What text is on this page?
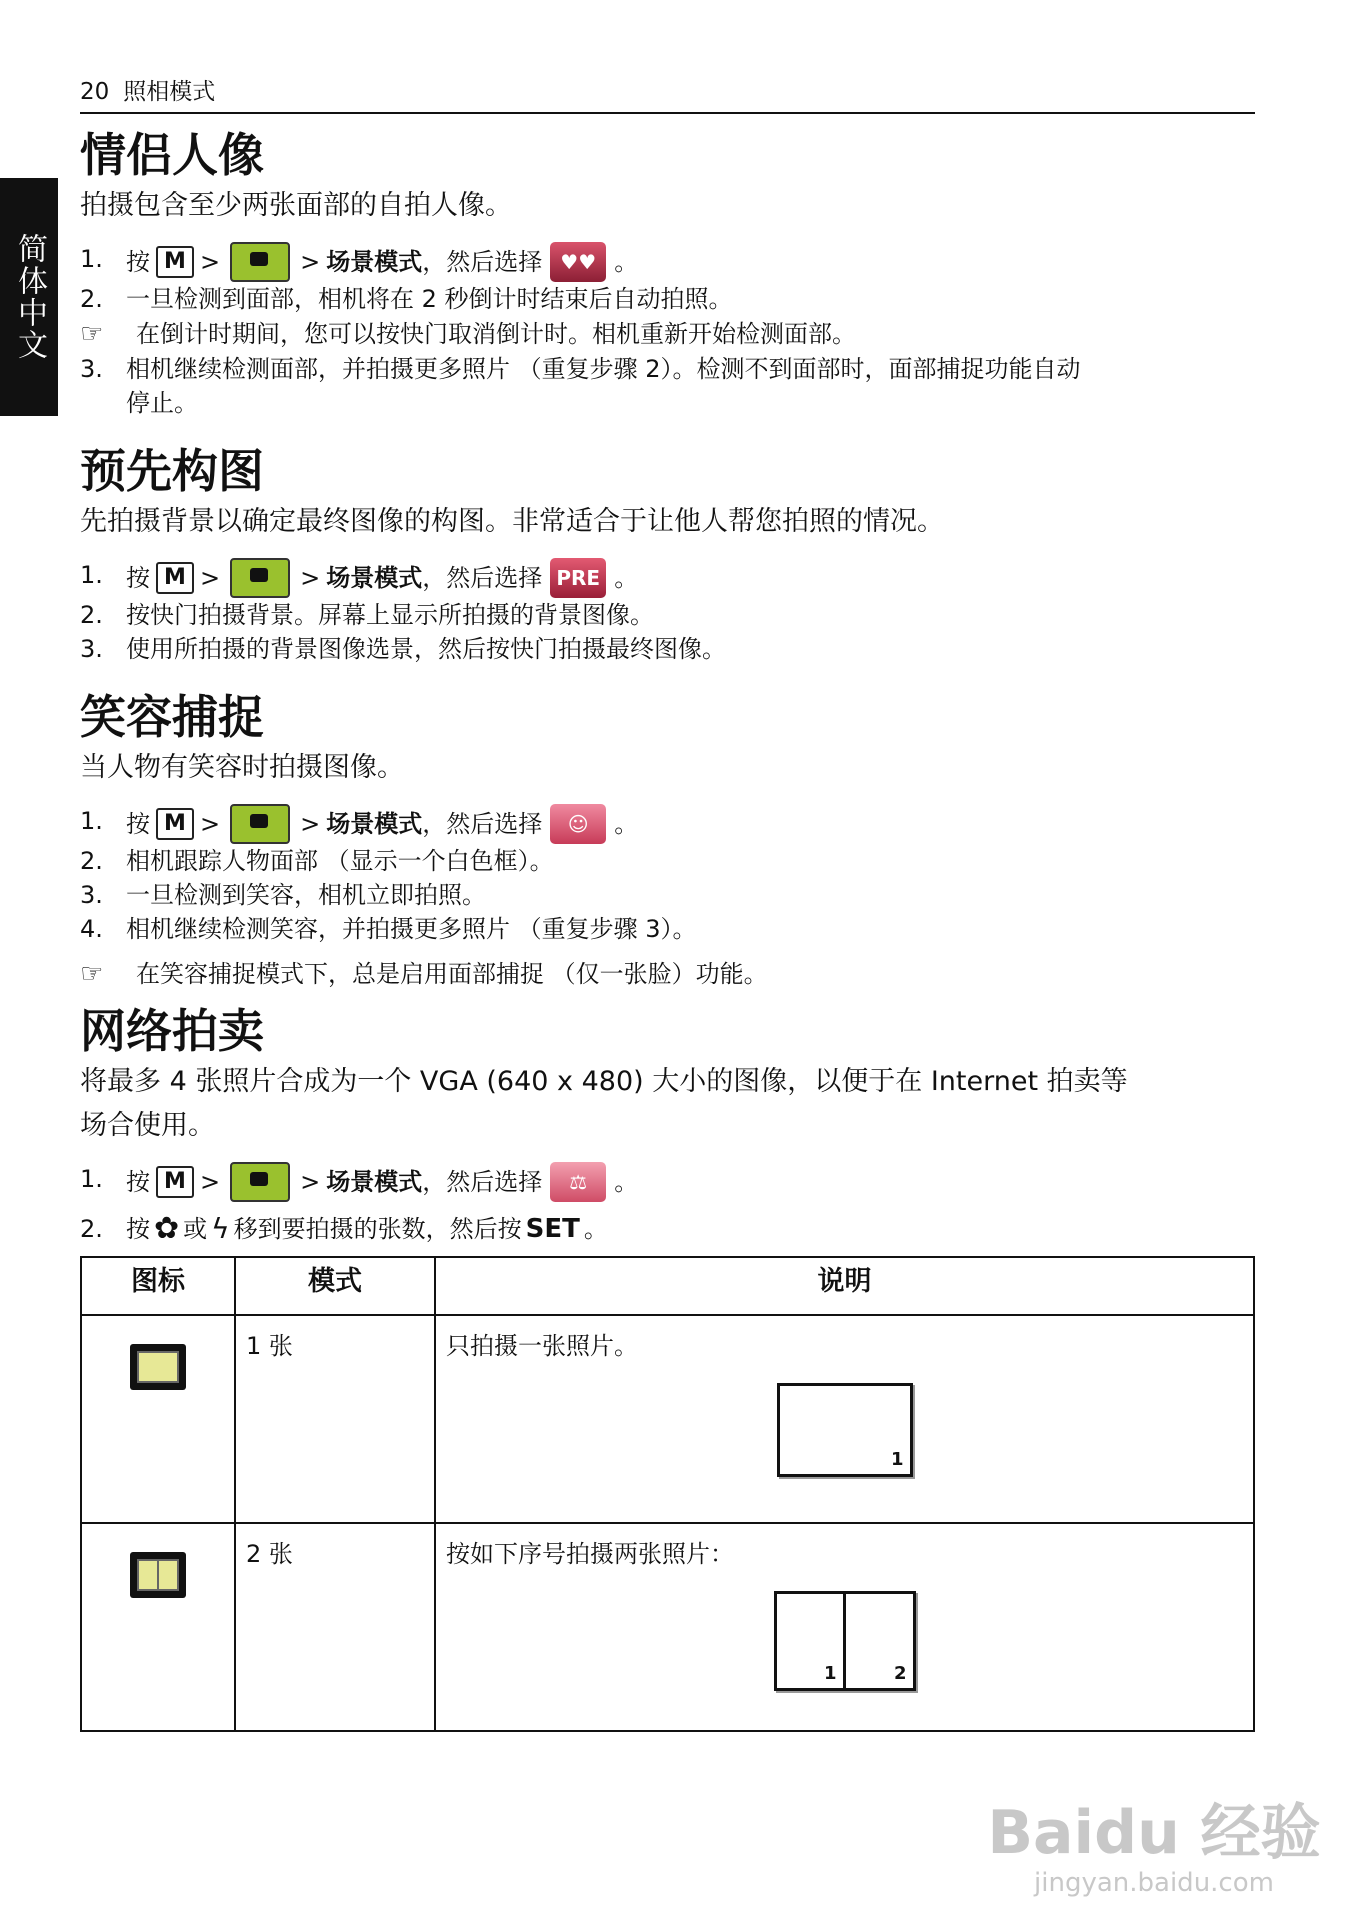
简体中文
20 照相模式
情侣人像

拍摄包含至少两张面部的自拍人像。

1. 按 M >	> 场景模式 ，然后选择 ♥♥ 。
2. 一旦检测到面部，相机将在 2 秒倒计时结束后自动拍照。
☞	在倒计时期间，您可以按快门取消倒计时。相机重新开始检测面部。
3. 相机继续检测面部，并拍摄更多照片 （重复步骤 2）。检测不到面部时，面部捕捉功能自动
停止。
预先构图

先拍摄背景以确定最终图像的构图。非常适合于让他人帮您拍照的情况。

1. 按 M >	> 场景模式 ，然后选择 PRE 。
2. 按快门拍摄背景。屏幕上显示所拍摄的背景图像。
3. 使用所拍摄的背景图像选景，然后按快门拍摄最终图像。
笑容捕捉

当人物有笑容时拍摄图像。

1. 按 M >	> 场景模式 ，然后选择	☺	。
2. 相机跟踪人物面部 （显示一个白色框）。
3. 一旦检测到笑容，相机立即拍照。
4. 相机继续检测笑容，并拍摄更多照片 （重复步骤 3）。
☞	在笑容捕捉模式下，总是启用面部捕捉 （仅一张脸）功能。
网络拍卖

将最多 4 张照片合成为一个 VGA (640 x 480) 大小的图像，以便于在 Internet 拍卖等

场合使用。

1. 按 M >	> 场景模式 ，然后选择	⚖	。
2. 按 ✿ 或 ϟ 移到要拍摄的张数，然后按 SET 。
图标	模式	说明

	1 张	只拍摄一张照片。
1

	2 张	按如下序号拍摄两张照片：
1 2
Baidu 经验
jingyan.baidu.com
